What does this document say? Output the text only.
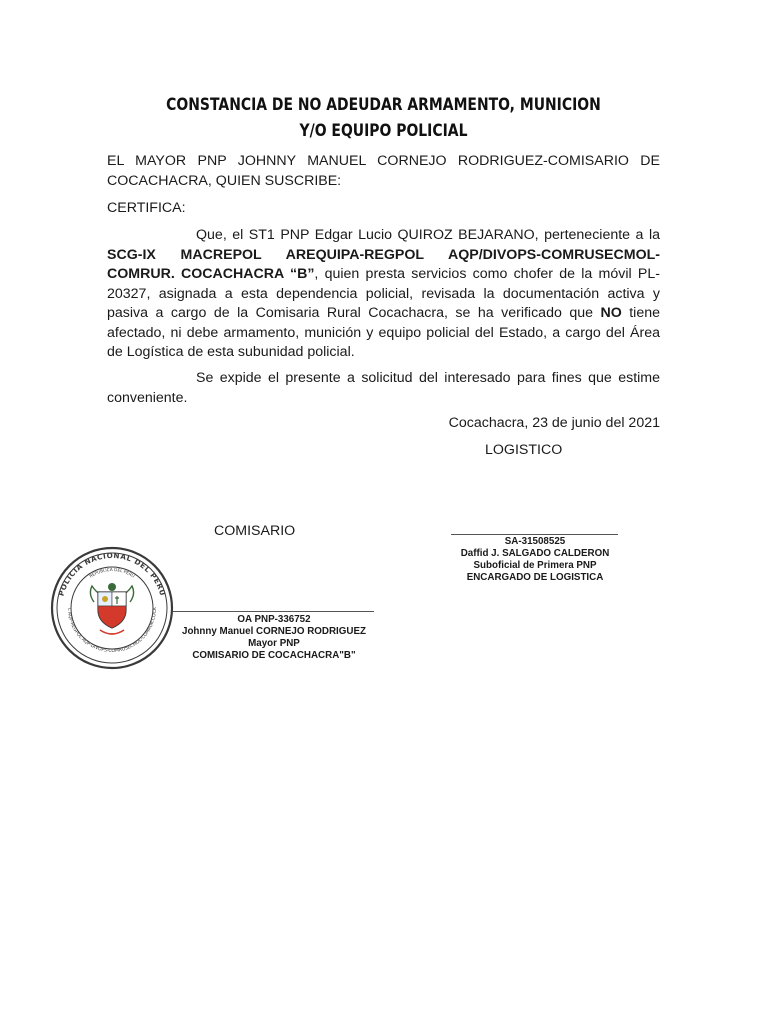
CONSTANCIA DE NO ADEUDAR ARMAMENTO, MUNICION Y/O EQUIPO POLICIAL
EL MAYOR PNP JOHNNY MANUEL CORNEJO RODRIGUEZ-COMISARIO DE COCACHACRA, QUIEN SUSCRIBE:
CERTIFICA:
Que, el ST1 PNP Edgar Lucio QUIROZ BEJARANO, perteneciente a la SCG-IX MACREPOL AREQUIPA-REGPOL AQP/DIVOPS-COMRUSECMOL-COMRUR. COCACHACRA “B”, quien presta servicios como chofer de la móvil PL-20327, asignada a esta dependencia policial, revisada la documentación activa y pasiva a cargo de la Comisaria Rural Cocachacra, se ha verificado que NO tiene afectado, ni debe armamento, munición y equipo policial del Estado, a cargo del Área de Logística de esta subunidad policial.
Se expide el presente a solicitud del interesado para fines que estime conveniente.
Cocachacra, 23 de junio del 2021
LOGISTICO
COMISARIO
SA-31508525
Daffid J. SALGADO CALDERON
Suboficial de Primera PNP
ENCARGADO DE LOGISTICA
OA PNP-336752
Johnny Manuel CORNEJO RODRIGUEZ
Mayor PNP
COMISARIO DE COCACHACRA"B"
POLICIA NACIONAL DEL PERU
REPUBLICA DEL PERU
L AQP-REGPOL AQP-DIVOPS-COMRUSECMOL-COMRUR.COCA
